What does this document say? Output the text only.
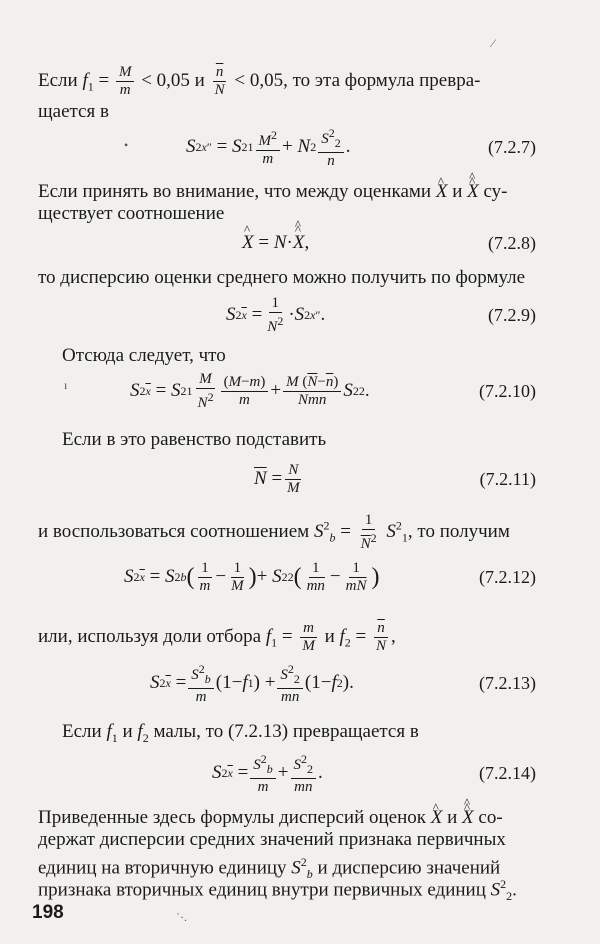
Если $f_1 = \frac{M}{m} < 0,05$ и $\frac{\overline{n}}{N} < 0,05$, то эта формула превра-
щается в
S 2 x″ = S 2 $1 \frac{M^2}{m} + N$ $2 \frac{S^2_2}{n}$ .	(7.2.7)
Если принять во внимание, что между оценками ^ X и ^ X ^ су-
ществует соотношение
^ X = N · ^ X ^ ,	(7.2.8)
то дисперсию оценки среднего можно получить по формуле
S 2 $\overline{x} = \frac{1}{N^2} \cdot S$ 2 x″ .	(7.2.9)
Отсюда следует, что
S 2 $\overline{x} = S$ 2 $1 \frac{M}{N^2} \frac{(M-m)}{m} + \frac{M (\overline{N}-\overline{n})}{Nm\overline{n}}$ S 2 2 .	(7.2.10)
Если в это равенство подставить
$\overline{N} = \frac{N}{M}$	(7.2.11)
и воспользоваться соотношением $S^2_b = \frac{1}{\overline{N}^2} S^2_1$, то получим
S 2 $\overline{x} = S$ 2 b ( $\frac{1}{m} - \frac{1}{M}$ ) + S 2 2 ( $\frac{1}{m\overline{n}} - \frac{1}{m\overline{N}}$ )	(7.2.12)
или, используя доли отбора $f_1 = \frac{m}{M}$ и $f_2 = \frac{\overline{n}}{N}$ ,
S 2 $\overline{x} = \frac{S^2_b}{m} (1- f$ 1 ) + $\frac{S^2_2}{m\overline{n}} (1- f$ 2 ).	(7.2.13)
Если $f_1$ и $f_2$ малы, то (7.2.13) превращается в
S 2 $\overline{x} = \frac{S^2_b}{m} + \frac{S^2_2}{m\overline{n}}$ .	(7.2.14)
Приведенные здесь формулы дисперсий оценок ^ X и ^ X ^ со-
держат дисперсии средних значений признака первичных
единиц на вторичную единицу $S^2_b$ и дисперсию значений
признака вторичных единиц внутри первичных единиц $S^2_2$.
198
⁄
•
ı
˙·.
